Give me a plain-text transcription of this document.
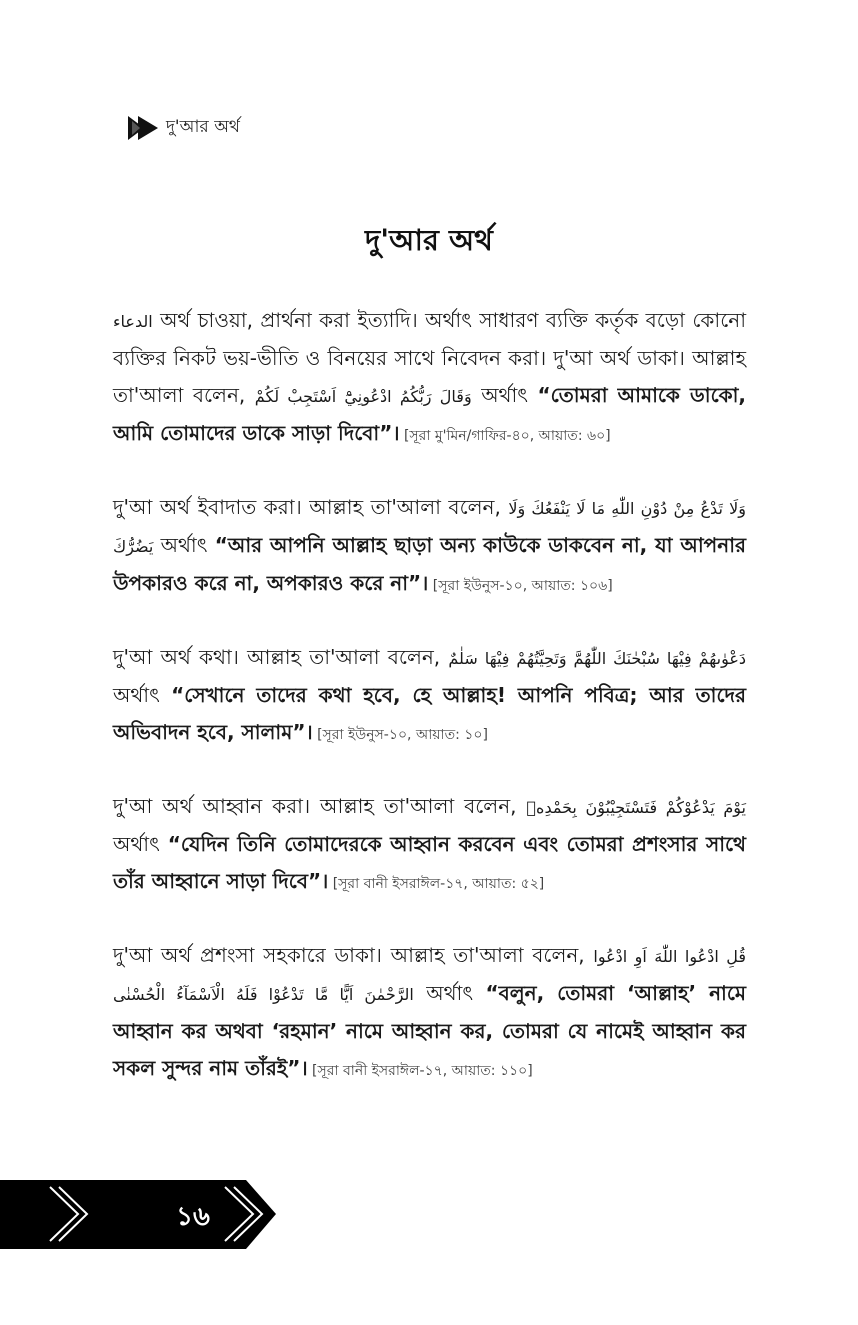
দু'আর অর্থ
দু'আর অর্থ

الدعاء অর্থ চাওয়া, প্রার্থনা করা ইত্যাদি। অর্থাৎ সাধারণ ব্যক্তি কর্তৃক বড়ো কোনো ব্যক্তির নিকট ভয়-ভীতি ও বিনয়ের সাথে নিবেদন করা। দু'আ অর্থ ডাকা। আল্লাহ তা'আলা বলেন, وَقَالَ رَبُّكُمُ ادْعُونِيْٓ اَسْتَجِبْ لَكُمْ অর্থাৎ “তোমরা আমাকে ডাকো, আমি তোমাদের ডাকে সাড়া দিবো”। [সূরা মু'মিন/গাফির-৪০, আয়াত: ৬০]

দু'আ অর্থ ইবাদাত করা। আল্লাহ তা'আলা বলেন, وَلَا تَدْعُ مِنْ دُوْنِ اللّٰهِ مَا لَا يَنْفَعُكَ وَلَا يَضُرُّكَ অর্থাৎ “আর আপনি আল্লাহ ছাড়া অন্য কাউকে ডাকবেন না, যা আপনার উপকারও করে না, অপকারও করে না”। [সূরা ইউনুস-১০, আয়াত: ১০৬]

দু'আ অর্থ কথা। আল্লাহ তা'আলা বলেন, دَعْوٰىهُمْ فِيْهَا سُبْحٰنَكَ اللّٰهُمَّ وَتَحِيَّتُهُمْ فِيْهَا سَلٰمٌ অর্থাৎ “সেখানে তাদের কথা হবে, হে আল্লাহ! আপনি পবিত্র; আর তাদের অভিবাদন হবে, সালাম”। [সূরা ইউনুস-১০, আয়াত: ১০]

দু'আ অর্থ আহ্বান করা। আল্লাহ তা'আলা বলেন, يَوْمَ يَدْعُوْكُمْ فَتَسْتَجِيْبُوْنَ بِحَمْدِهٖ অর্থাৎ “যেদিন তিনি তোমাদেরকে আহ্বান করবেন এবং তোমরা প্রশংসার সাথে তাঁর আহ্বানে সাড়া দিবে”। [সূরা বানী ইসরাঈল-১৭, আয়াত: ৫২]

দু'আ অর্থ প্রশংসা সহকারে ডাকা। আল্লাহ তা'আলা বলেন, قُلِ ادْعُوا اللّٰهَ اَوِ ادْعُوا الرَّحْمٰنَ اَيًّا مَّا تَدْعُوْا فَلَهُ الْاَسْمَآءُ الْحُسْنٰى অর্থাৎ “বলুন, তোমরা ‘আল্লাহ’ নামে আহ্বান কর অথবা ‘রহমান’ নামে আহ্বান কর, তোমরা যে নামেই আহ্বান কর সকল সুন্দর নাম তাঁরই”। [সূরা বানী ইসরাঈল-১৭, আয়াত: ১১০]

১৬
